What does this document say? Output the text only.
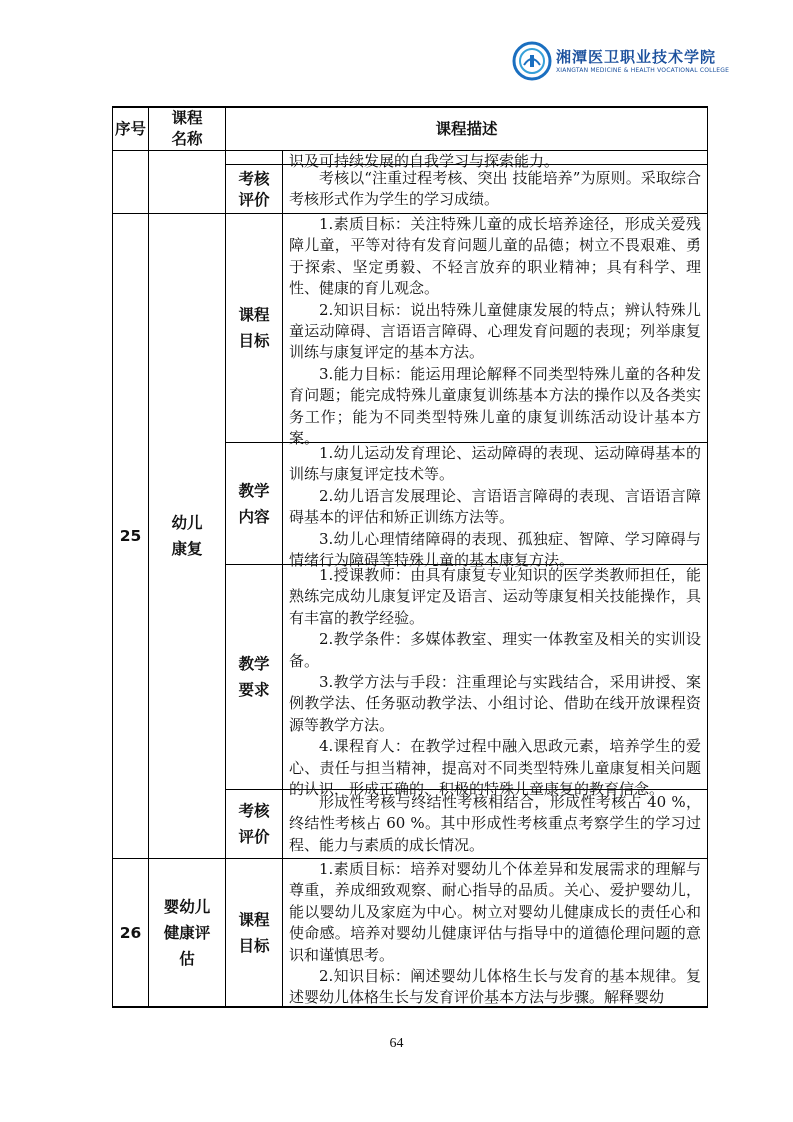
湘潭医卫职业技术学院
XIANGTAN MEDICINE & HEALTH VOCATIONAL COLLEGE
序号
课程名称
课程描述

识及可持续发展的自我学习与探索能力。

考核评价

考核以“注重过程考核、突出 技能培养”为原则。采取综合考核形式作为学生的学习成绩。

25
幼儿康复
课程目标

1.素质目标：关注特殊儿童的成长培养途径，形成关爱残障儿童，平等对待有发育问题儿童的品德；树立不畏艰难、勇于探索、坚定勇毅、不轻言放弃的职业精神；具有科学、理性、健康的育儿观念。

2.知识目标：说出特殊儿童健康发展的特点；辨认特殊儿童运动障碍、言语语言障碍、心理发育问题的表现；列举康复训练与康复评定的基本方法。

3.能力目标：能运用理论解释不同类型特殊儿童的各种发育问题；能完成特殊儿童康复训练基本方法的操作以及各类实务工作；能为不同类型特殊儿童的康复训练活动设计基本方案。

教学内容

1.幼儿运动发育理论、运动障碍的表现、运动障碍基本的训练与康复评定技术等。

2.幼儿语言发展理论、言语语言障碍的表现、言语语言障碍基本的评估和矫正训练方法等。

3.幼儿心理情绪障碍的表现、孤独症、智障、学习障碍与情绪行为障碍等特殊儿童的基本康复方法。

教学要求

1.授课教师：由具有康复专业知识的医学类教师担任，能熟练完成幼儿康复评定及语言、运动等康复相关技能操作，具有丰富的教学经验。

2.教学条件：多媒体教室、理实一体教室及相关的实训设备。

3.教学方法与手段：注重理论与实践结合，采用讲授、案例教学法、任务驱动教学法、小组讨论、借助在线开放课程资源等教学方法。

4.课程育人：在教学过程中融入思政元素，培养学生的爱心、责任与担当精神，提高对不同类型特殊儿童康复相关问题的认识，形成正确的、积极的特殊儿童康复的教育信念。

考核评价

形成性考核与终结性考核相结合，形成性考核占 40 %，终结性考核占 60 %。其中形成性考核重点考察学生的学习过程、能力与素质的成长情况。

26
婴幼儿健康评估
课程目标

1.素质目标：培养对婴幼儿个体差异和发展需求的理解与尊重，养成细致观察、耐心指导的品质。关心、爱护婴幼儿，能以婴幼儿及家庭为中心。树立对婴幼儿健康成长的责任心和使命感。培养对婴幼儿健康评估与指导中的道德伦理问题的意识和谨慎思考。

2.知识目标：阐述婴幼儿体格生长与发育的基本规律。复述婴幼儿体格生长与发育评价基本方法与步骤。解释婴幼

64
